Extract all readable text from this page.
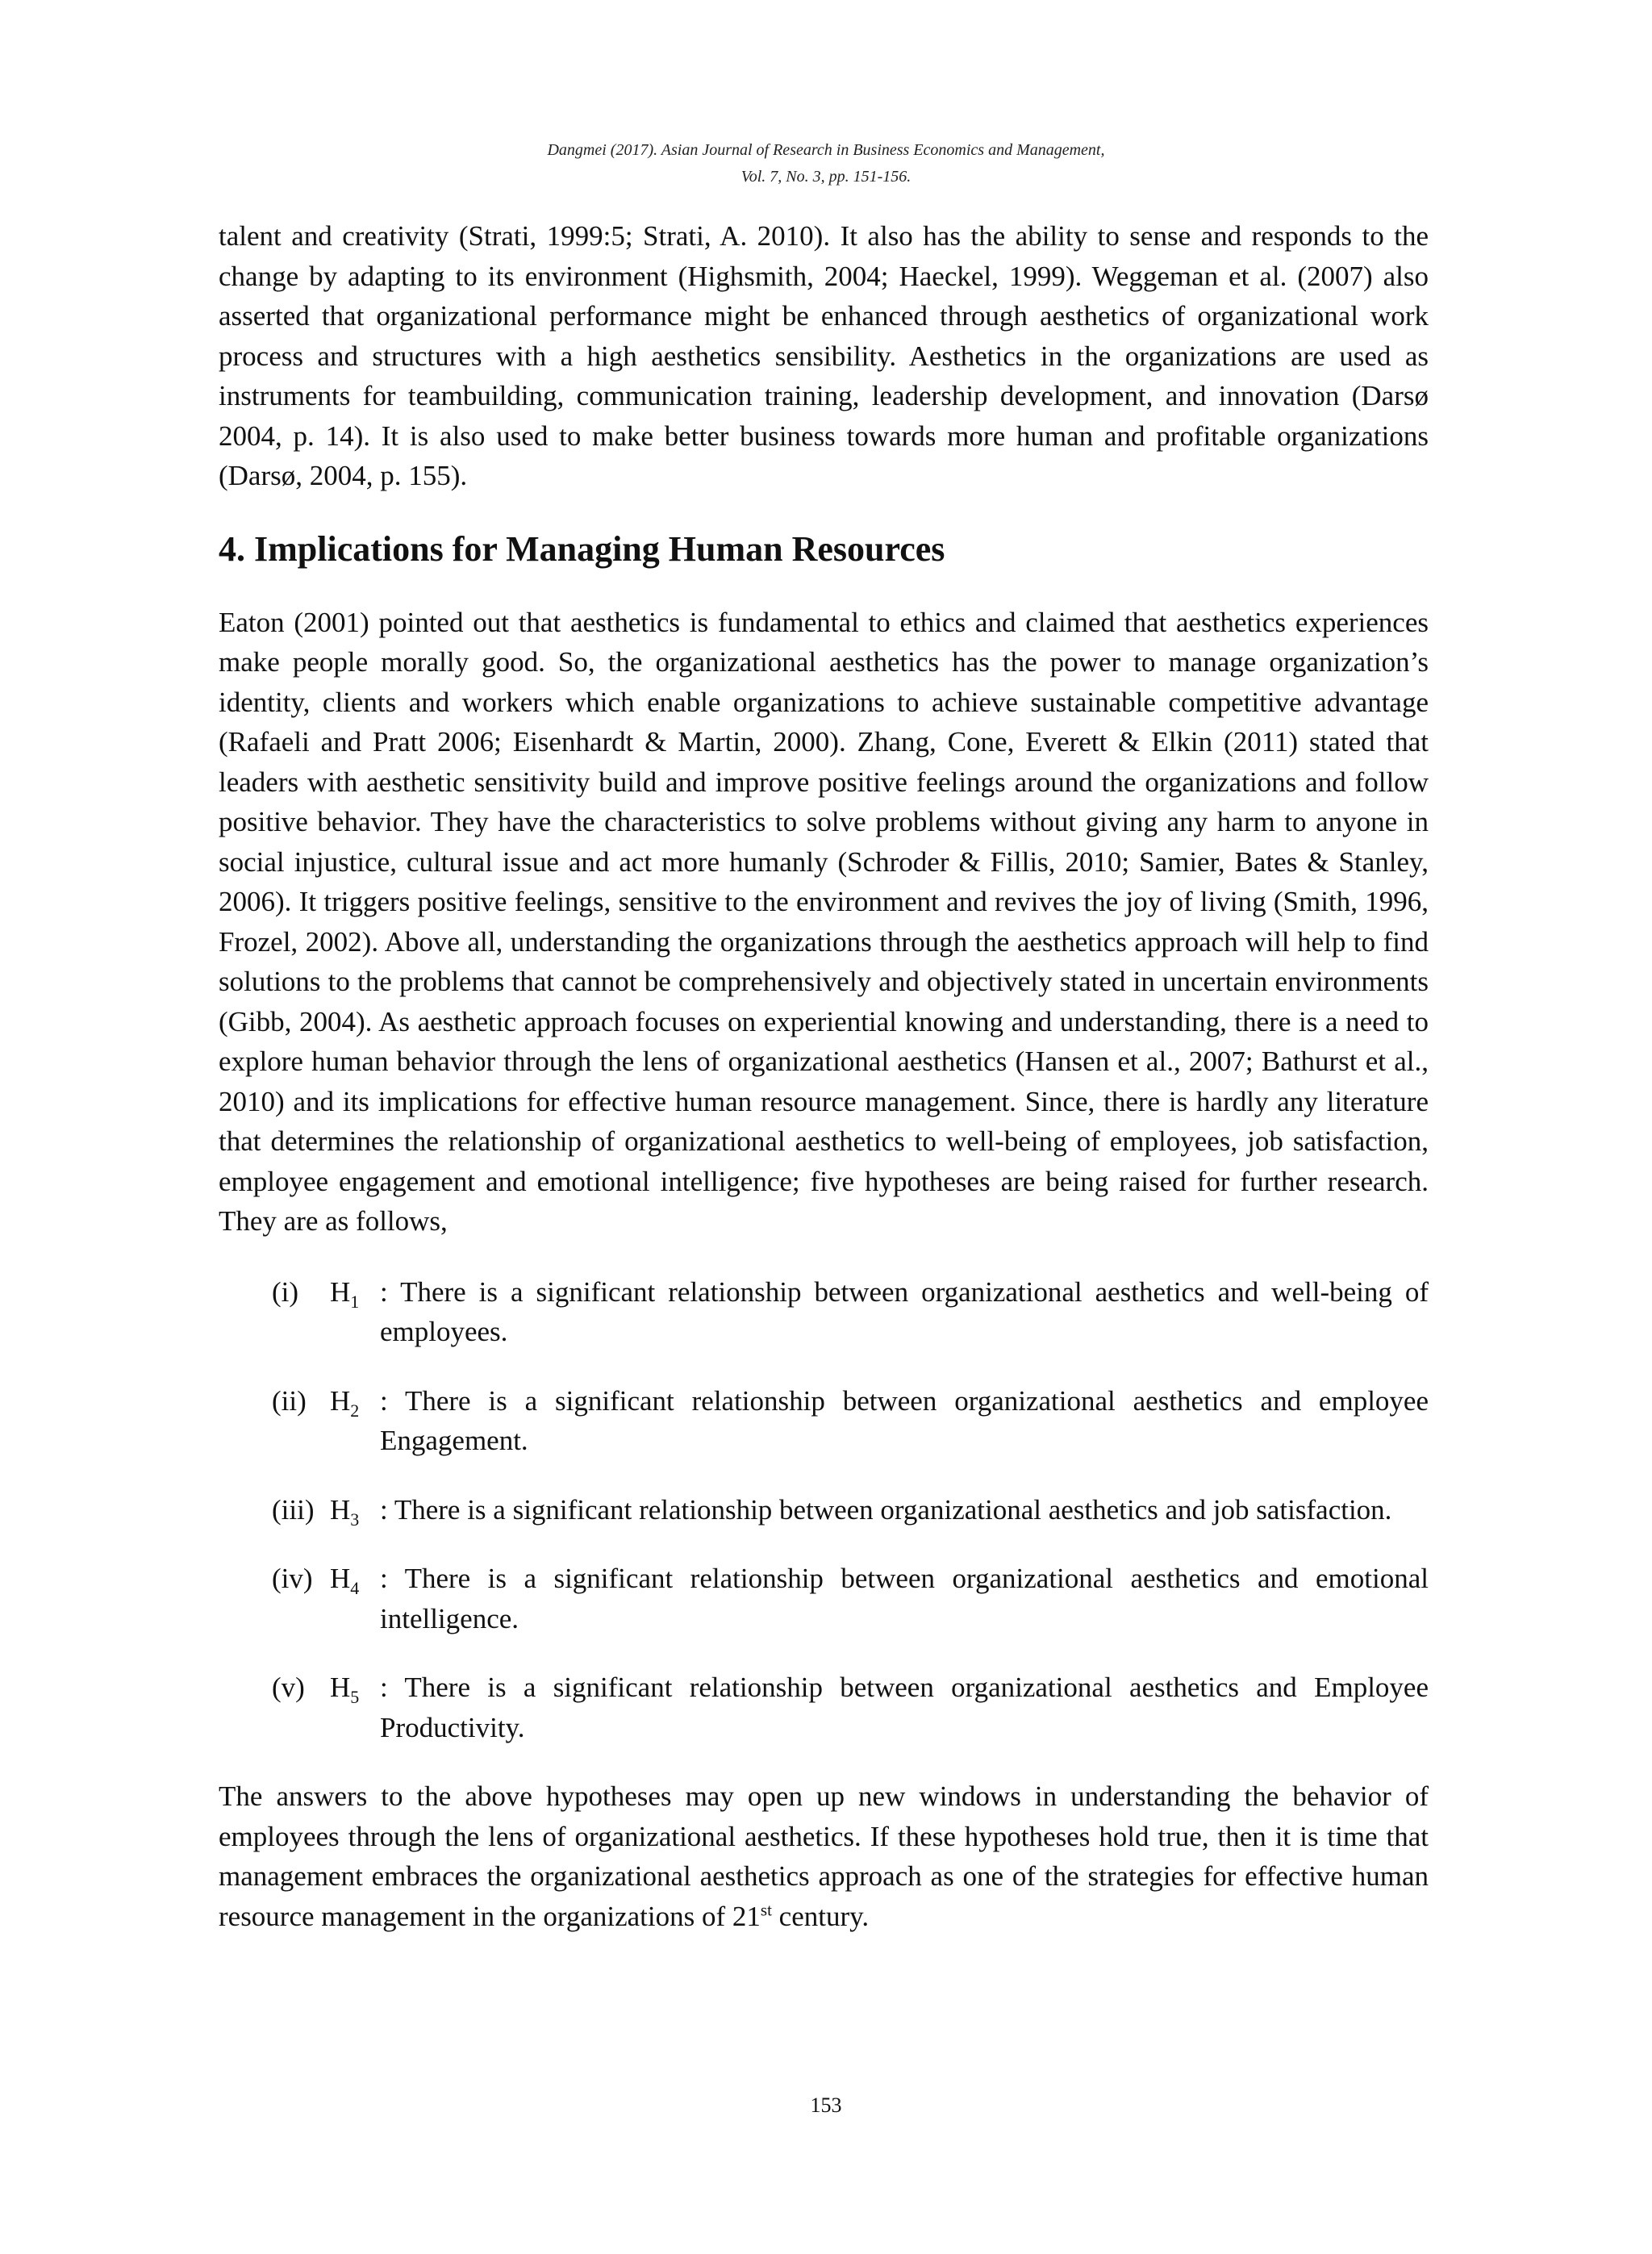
Dangmei (2017). Asian Journal of Research in Business Economics and Management,
Vol. 7, No. 3, pp. 151-156.

talent and creativity (Strati, 1999:5; Strati, A. 2010). It also has the ability to sense and responds to the change by adapting to its environment (Highsmith, 2004; Haeckel, 1999). Weggeman et al. (2007) also asserted that organizational performance might be enhanced through aesthetics of organizational work process and structures with a high aesthetics sensibility. Aesthetics in the organizations are used as instruments for teambuilding, communication training, leadership development, and innovation (Darsø 2004, p. 14). It is also used to make better business towards more human and profitable organizations (Darsø, 2004, p. 155).

4. Implications for Managing Human Resources

Eaton (2001) pointed out that aesthetics is fundamental to ethics and claimed that aesthetics experiences make people morally good. So, the organizational aesthetics has the power to manage organization’s identity, clients and workers which enable organizations to achieve sustainable competitive advantage (Rafaeli and Pratt 2006; Eisenhardt & Martin, 2000). Zhang, Cone, Everett & Elkin (2011) stated that leaders with aesthetic sensitivity build and improve positive feelings around the organizations and follow positive behavior. They have the characteristics to solve problems without giving any harm to anyone in social injustice, cultural issue and act more humanly (Schroder & Fillis, 2010; Samier, Bates & Stanley, 2006). It triggers positive feelings, sensitive to the environment and revives the joy of living (Smith, 1996, Frozel, 2002). Above all, understanding the organizations through the aesthetics approach will help to find solutions to the problems that cannot be comprehensively and objectively stated in uncertain environments (Gibb, 2004). As aesthetic approach focuses on experiential knowing and understanding, there is a need to explore human behavior through the lens of organizational aesthetics (Hansen et al., 2007; Bathurst et al., 2010) and its implications for effective human resource management. Since, there is hardly any literature that determines the relationship of organizational aesthetics to well-being of employees, job satisfaction, employee engagement and emotional intelligence; five hypotheses are being raised for further research. They are as follows,

(i)	$H_1$ : There is a significant relationship between organizational aesthetics and well-being of employees.
(ii) $H_2$ : There is a significant relationship between organizational aesthetics and employee Engagement.
(iii) $H_3$ : There is a significant relationship between organizational aesthetics and job satisfaction.
(iv) $H_4$ : There is a significant relationship between organizational aesthetics and emotional intelligence.
(v) $H_5$ : There is a significant relationship between organizational aesthetics and Employee Productivity.

The answers to the above hypotheses may open up new windows in understanding the behavior of employees through the lens of organizational aesthetics. If these hypotheses hold true, then it is time that management embraces the organizational aesthetics approach as one of the strategies for effective human resource management in the organizations of 21st century.

153
